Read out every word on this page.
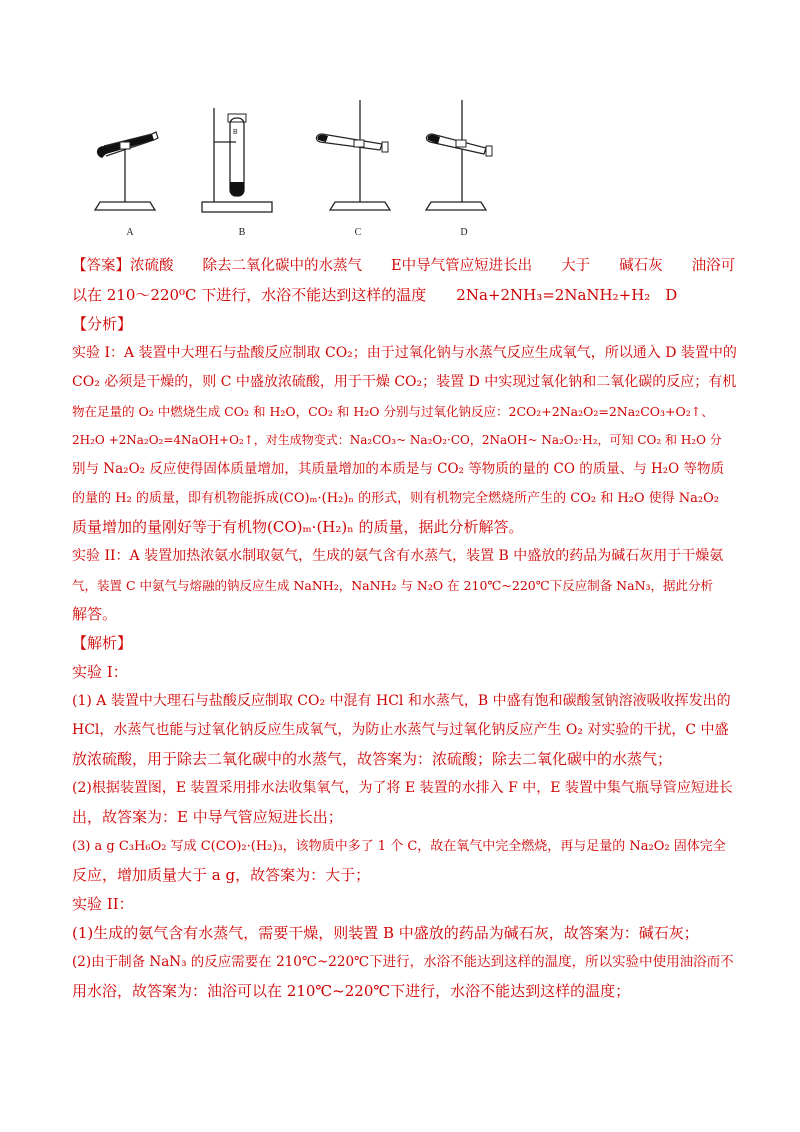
A
B
B	C	D
【答案】浓硫酸　　除去二氧化碳中的水蒸气　　E中导气管应短进长出　　大于　　碱石灰　　油浴可
以在 210～220⁰C 下进行，水浴不能达到这样的温度　　2Na+2NH₃=2NaNH₂+H₂　D
【分析】
实验 I：A 装置中大理石与盐酸反应制取 CO₂；由于过氧化钠与水蒸气反应生成氧气，所以通入 D 装置中的
CO₂ 必须是干燥的，则 C 中盛放浓硫酸，用于干燥 CO₂；装置 D 中实现过氧化钠和二氧化碳的反应；有机
物在足量的 O₂ 中燃烧生成 CO₂ 和 H₂O，CO₂ 和 H₂O 分别与过氧化钠反应：2CO₂+2Na₂O₂=2Na₂CO₃+O₂↑、
2H₂O +2Na₂O₂=4NaOH+O₂↑，对生成物变式：Na₂CO₃~ Na₂O₂·CO，2NaOH~ Na₂O₂·H₂，可知 CO₂ 和 H₂O 分
别与 Na₂O₂ 反应使得固体质量增加，其质量增加的本质是与 CO₂ 等物质的量的 CO 的质量、与 H₂O 等物质
的量的 H₂ 的质量，即有机物能拆成(CO)ₘ·(H₂)ₙ 的形式，则有机物完全燃烧所产生的 CO₂ 和 H₂O 使得 Na₂O₂
质量增加的量刚好等于有机物(CO)ₘ·(H₂)ₙ 的质量，据此分析解答。
实验 II：A 装置加热浓氨水制取氨气，生成的氨气含有水蒸气，装置 B 中盛放的药品为碱石灰用于干燥氨
气，装置 C 中氨气与熔融的钠反应生成 NaNH₂，NaNH₂ 与 N₂O 在 210℃~220℃下反应制备 NaN₃，据此分析
解答。
【解析】
实验 I：
(1) A 装置中大理石与盐酸反应制取 CO₂ 中混有 HCl 和水蒸气，B 中盛有饱和碳酸氢钠溶液吸收挥发出的
HCl，水蒸气也能与过氧化钠反应生成氧气，为防止水蒸气与过氧化钠反应产生 O₂ 对实验的干扰，C 中盛
放浓硫酸，用于除去二氧化碳中的水蒸气，故答案为：浓硫酸；除去二氧化碳中的水蒸气；
(2)根据装置图，E 装置采用排水法收集氧气，为了将 E 装置的水排入 F 中，E 装置中集气瓶导管应短进长
出，故答案为：E 中导气管应短进长出；
(3) a g C₃H₆O₂ 写成 C(CO)₂·(H₂)₃，该物质中多了 1 个 C，故在氧气中完全燃烧，再与足量的 Na₂O₂ 固体完全
反应，增加质量大于 a g，故答案为：大于；
实验 II：
(1)生成的氨气含有水蒸气，需要干燥，则装置 B 中盛放的药品为碱石灰，故答案为：碱石灰；
(2)由于制备 NaN₃ 的反应需要在 210℃~220℃下进行，水浴不能达到这样的温度，所以实验中使用油浴而不
用水浴，故答案为：油浴可以在 210℃~220℃下进行，水浴不能达到这样的温度；
